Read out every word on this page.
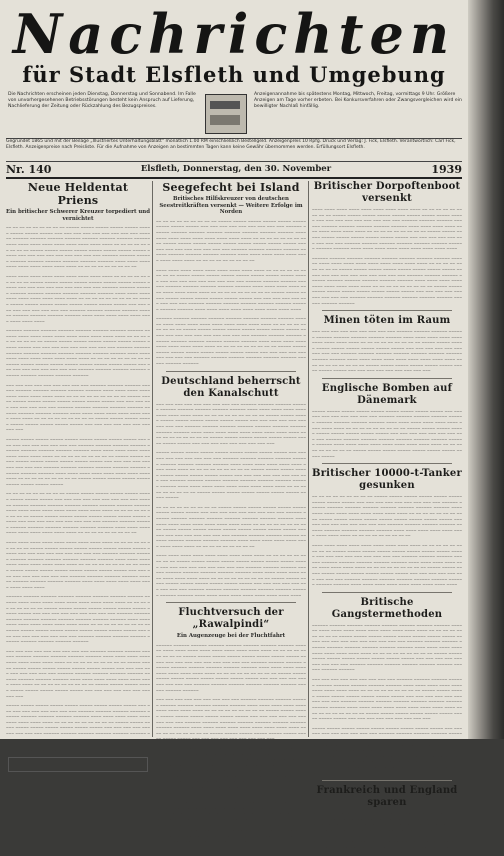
Nachrichten
für Stadt Elsfleth und Umgebung
Die Nachrichten erscheinen jeden Dienstag, Donnerstag und Sonnabend. Im Falle von unvorhergesehenen Betriebsstörungen besteht kein Anspruch auf Lieferung, Nachlieferung der Zeitung oder Rückzahlung des Bezugspreises.
Anzeigenannahme bis spätestens Montag, Mittwoch, Freitag, vormittags 9 Uhr. Größere Anzeigen am Tage vorher erbeten. Bei Konkursverfahren oder Zwangsvergleichen wird ein bewilligter Nachlaß hinfällig.
Gegründet 1865 und mit der Beilage „Illustriertes Unterhaltungsblatt“ monatlich 1.00 RM einschließlich Bestellgeld. Anzeigenpreis 10 Rpfg. Druck und Verlag: J. Fick, Elsfleth. Verantwortlich: Carl Fick, Elsfleth. Anzeigenpreise nach Preisliste. Für die Aufnahme von Anzeigen an bestimmten Tagen kann keine Gewähr übernommen werden. Erfüllungsort Elsfleth.
Nr. 140	Elsfleth, Donnerstag, den 30. November	1939
Neue Heldentat Priens
Ein britischer Schwerer Kreuzer torpediert und vernichtet
‒‒ ‒‒ ‒‒ ‒‒ ‒‒ ‒‒ ‒‒ ‒‒ ‒‒ ‒‒‒‒‒ ‒‒‒‒‒ ‒‒‒‒‒ ‒‒‒‒‒ ‒‒‒‒‒ ‒‒‒‒‒ ‒‒‒‒‒ ‒‒‒‒‒ ‒‒‒‒‒ ‒‒‒ ‒‒‒ ‒‒‒ ‒‒‒ ‒‒‒ ‒‒‒ ‒‒‒ ‒‒‒ ‒‒‒ ‒‒‒‒‒‒ ‒‒‒‒‒‒ ‒‒‒‒‒‒ ‒‒‒‒‒‒ ‒‒‒‒‒‒ ‒‒‒‒‒‒ ‒‒‒‒‒‒ ‒‒‒‒‒‒ ‒‒‒‒‒‒ ‒‒‒‒ ‒‒‒‒ ‒‒‒‒ ‒‒‒‒ ‒‒‒‒ ‒‒‒‒ ‒‒‒‒ ‒‒‒‒ ‒‒‒‒ ‒‒ ‒‒ ‒‒ ‒‒ ‒‒ ‒‒ ‒‒ ‒‒ ‒‒ ‒‒‒‒‒ ‒‒‒‒‒ ‒‒‒‒‒ ‒‒‒‒‒ ‒‒‒‒‒ ‒‒‒‒‒ ‒‒‒‒‒ ‒‒‒‒‒ ‒‒‒‒‒ ‒‒‒ ‒‒‒ ‒‒‒ ‒‒‒ ‒‒‒ ‒‒‒ ‒‒‒ ‒‒‒ ‒‒‒ ‒‒‒‒‒‒ ‒‒‒‒‒‒ ‒‒‒‒‒‒ ‒‒‒‒‒‒ ‒‒‒‒‒‒ ‒‒‒‒‒‒ ‒‒‒‒‒‒ ‒‒‒‒‒‒ ‒‒‒‒‒‒ ‒‒‒‒ ‒‒‒‒ ‒‒‒‒ ‒‒‒‒ ‒‒‒‒ ‒‒‒‒ ‒‒‒‒ ‒‒‒‒ ‒‒‒‒ ‒‒ ‒‒ ‒‒ ‒‒ ‒‒ ‒‒ ‒‒ ‒‒ ‒‒
‒‒‒‒ ‒‒‒‒ ‒‒‒‒ ‒‒‒‒ ‒‒‒‒ ‒‒‒‒ ‒‒‒‒ ‒‒‒‒ ‒‒‒‒ ‒‒ ‒‒ ‒‒ ‒‒ ‒‒ ‒‒ ‒‒ ‒‒ ‒‒ ‒‒‒‒‒ ‒‒‒‒‒ ‒‒‒‒‒ ‒‒‒‒‒ ‒‒‒‒‒ ‒‒‒‒‒ ‒‒‒‒‒ ‒‒‒‒‒ ‒‒‒‒‒ ‒‒‒ ‒‒‒ ‒‒‒ ‒‒‒ ‒‒‒ ‒‒‒ ‒‒‒ ‒‒‒ ‒‒‒ ‒‒‒‒‒‒ ‒‒‒‒‒‒ ‒‒‒‒‒‒ ‒‒‒‒‒‒ ‒‒‒‒‒‒ ‒‒‒‒‒‒ ‒‒‒‒‒‒ ‒‒‒‒‒‒ ‒‒‒‒‒‒ ‒‒‒‒ ‒‒‒‒ ‒‒‒‒ ‒‒‒‒ ‒‒‒‒ ‒‒‒‒ ‒‒‒‒ ‒‒‒‒ ‒‒‒‒ ‒‒ ‒‒ ‒‒ ‒‒ ‒‒ ‒‒ ‒‒ ‒‒ ‒‒ ‒‒‒‒‒ ‒‒‒‒‒ ‒‒‒‒‒ ‒‒‒‒‒ ‒‒‒‒‒ ‒‒‒‒‒ ‒‒‒‒‒ ‒‒‒‒‒ ‒‒‒‒‒ ‒‒‒ ‒‒‒ ‒‒‒ ‒‒‒ ‒‒‒ ‒‒‒ ‒‒‒ ‒‒‒ ‒‒‒ ‒‒‒‒‒‒ ‒‒‒‒‒‒ ‒‒‒‒‒‒ ‒‒‒‒‒‒ ‒‒‒‒‒‒ ‒‒‒‒‒‒ ‒‒‒‒‒‒ ‒‒‒‒‒‒ ‒‒‒‒‒‒ ‒‒‒‒ ‒‒‒‒ ‒‒‒‒ ‒‒‒‒ ‒‒‒‒ ‒‒‒‒ ‒‒‒‒ ‒‒‒‒ ‒‒‒‒
‒‒‒‒‒‒ ‒‒‒‒‒‒ ‒‒‒‒‒‒ ‒‒‒‒‒‒ ‒‒‒‒‒‒ ‒‒‒‒‒‒ ‒‒‒‒‒‒ ‒‒‒‒‒‒ ‒‒‒‒‒‒ ‒‒‒‒ ‒‒‒‒ ‒‒‒‒ ‒‒‒‒ ‒‒‒‒ ‒‒‒‒ ‒‒‒‒ ‒‒‒‒ ‒‒‒‒ ‒‒ ‒‒ ‒‒ ‒‒ ‒‒ ‒‒ ‒‒ ‒‒ ‒‒ ‒‒‒‒‒ ‒‒‒‒‒ ‒‒‒‒‒ ‒‒‒‒‒ ‒‒‒‒‒ ‒‒‒‒‒ ‒‒‒‒‒ ‒‒‒‒‒ ‒‒‒‒‒ ‒‒‒ ‒‒‒ ‒‒‒ ‒‒‒ ‒‒‒ ‒‒‒ ‒‒‒ ‒‒‒ ‒‒‒ ‒‒‒‒‒‒ ‒‒‒‒‒‒ ‒‒‒‒‒‒ ‒‒‒‒‒‒ ‒‒‒‒‒‒ ‒‒‒‒‒‒ ‒‒‒‒‒‒ ‒‒‒‒‒‒ ‒‒‒‒‒‒ ‒‒‒‒ ‒‒‒‒ ‒‒‒‒ ‒‒‒‒ ‒‒‒‒ ‒‒‒‒ ‒‒‒‒ ‒‒‒‒ ‒‒‒‒ ‒‒ ‒‒ ‒‒ ‒‒ ‒‒ ‒‒ ‒‒ ‒‒ ‒‒ ‒‒‒‒‒ ‒‒‒‒‒ ‒‒‒‒‒ ‒‒‒‒‒ ‒‒‒‒‒ ‒‒‒‒‒ ‒‒‒‒‒ ‒‒‒‒‒ ‒‒‒‒‒ ‒‒‒ ‒‒‒ ‒‒‒ ‒‒‒ ‒‒‒ ‒‒‒ ‒‒‒ ‒‒‒ ‒‒‒ ‒‒‒‒‒‒ ‒‒‒‒‒‒ ‒‒‒‒‒‒ ‒‒‒‒‒‒ ‒‒‒‒‒‒ ‒‒‒‒‒‒ ‒‒‒‒‒‒ ‒‒‒‒‒‒ ‒‒‒‒‒‒
‒‒‒ ‒‒‒ ‒‒‒ ‒‒‒ ‒‒‒ ‒‒‒ ‒‒‒ ‒‒‒ ‒‒‒ ‒‒‒‒‒‒ ‒‒‒‒‒‒ ‒‒‒‒‒‒ ‒‒‒‒‒‒ ‒‒‒‒‒‒ ‒‒‒‒‒‒ ‒‒‒‒‒‒ ‒‒‒‒‒‒ ‒‒‒‒‒‒ ‒‒‒‒ ‒‒‒‒ ‒‒‒‒ ‒‒‒‒ ‒‒‒‒ ‒‒‒‒ ‒‒‒‒ ‒‒‒‒ ‒‒‒‒ ‒‒ ‒‒ ‒‒ ‒‒ ‒‒ ‒‒ ‒‒ ‒‒ ‒‒ ‒‒‒‒‒ ‒‒‒‒‒ ‒‒‒‒‒ ‒‒‒‒‒ ‒‒‒‒‒ ‒‒‒‒‒ ‒‒‒‒‒ ‒‒‒‒‒ ‒‒‒‒‒ ‒‒‒ ‒‒‒ ‒‒‒ ‒‒‒ ‒‒‒ ‒‒‒ ‒‒‒ ‒‒‒ ‒‒‒ ‒‒‒‒‒‒ ‒‒‒‒‒‒ ‒‒‒‒‒‒ ‒‒‒‒‒‒ ‒‒‒‒‒‒ ‒‒‒‒‒‒ ‒‒‒‒‒‒ ‒‒‒‒‒‒ ‒‒‒‒‒‒ ‒‒‒‒ ‒‒‒‒ ‒‒‒‒ ‒‒‒‒ ‒‒‒‒ ‒‒‒‒ ‒‒‒‒ ‒‒‒‒ ‒‒‒‒ ‒‒ ‒‒ ‒‒ ‒‒ ‒‒ ‒‒ ‒‒ ‒‒ ‒‒ ‒‒‒‒‒ ‒‒‒‒‒ ‒‒‒‒‒ ‒‒‒‒‒ ‒‒‒‒‒ ‒‒‒‒‒ ‒‒‒‒‒ ‒‒‒‒‒ ‒‒‒‒‒ ‒‒‒ ‒‒‒ ‒‒‒ ‒‒‒ ‒‒‒ ‒‒‒ ‒‒‒ ‒‒‒ ‒‒‒
‒‒‒‒‒ ‒‒‒‒‒ ‒‒‒‒‒ ‒‒‒‒‒ ‒‒‒‒‒ ‒‒‒‒‒ ‒‒‒‒‒ ‒‒‒‒‒ ‒‒‒‒‒ ‒‒‒ ‒‒‒ ‒‒‒ ‒‒‒ ‒‒‒ ‒‒‒ ‒‒‒ ‒‒‒ ‒‒‒ ‒‒‒‒‒‒ ‒‒‒‒‒‒ ‒‒‒‒‒‒ ‒‒‒‒‒‒ ‒‒‒‒‒‒ ‒‒‒‒‒‒ ‒‒‒‒‒‒ ‒‒‒‒‒‒ ‒‒‒‒‒‒ ‒‒‒‒ ‒‒‒‒ ‒‒‒‒ ‒‒‒‒ ‒‒‒‒ ‒‒‒‒ ‒‒‒‒ ‒‒‒‒ ‒‒‒‒ ‒‒ ‒‒ ‒‒ ‒‒ ‒‒ ‒‒ ‒‒ ‒‒ ‒‒ ‒‒‒‒‒ ‒‒‒‒‒ ‒‒‒‒‒ ‒‒‒‒‒ ‒‒‒‒‒ ‒‒‒‒‒ ‒‒‒‒‒ ‒‒‒‒‒ ‒‒‒‒‒ ‒‒‒ ‒‒‒ ‒‒‒ ‒‒‒ ‒‒‒ ‒‒‒ ‒‒‒ ‒‒‒ ‒‒‒ ‒‒‒‒‒‒ ‒‒‒‒‒‒ ‒‒‒‒‒‒ ‒‒‒‒‒‒ ‒‒‒‒‒‒ ‒‒‒‒‒‒ ‒‒‒‒‒‒ ‒‒‒‒‒‒ ‒‒‒‒‒‒ ‒‒‒‒ ‒‒‒‒ ‒‒‒‒ ‒‒‒‒ ‒‒‒‒ ‒‒‒‒ ‒‒‒‒ ‒‒‒‒ ‒‒‒‒ ‒‒ ‒‒ ‒‒ ‒‒ ‒‒ ‒‒ ‒‒ ‒‒ ‒‒ ‒‒‒‒‒ ‒‒‒‒‒ ‒‒‒‒‒ ‒‒‒‒‒ ‒‒‒‒‒ ‒‒‒‒‒ ‒‒‒‒‒ ‒‒‒‒‒ ‒‒‒‒‒
‒‒ ‒‒ ‒‒ ‒‒ ‒‒ ‒‒ ‒‒ ‒‒ ‒‒ ‒‒‒‒‒ ‒‒‒‒‒ ‒‒‒‒‒ ‒‒‒‒‒ ‒‒‒‒‒ ‒‒‒‒‒ ‒‒‒‒‒ ‒‒‒‒‒ ‒‒‒‒‒ ‒‒‒ ‒‒‒ ‒‒‒ ‒‒‒ ‒‒‒ ‒‒‒ ‒‒‒ ‒‒‒ ‒‒‒ ‒‒‒‒‒‒ ‒‒‒‒‒‒ ‒‒‒‒‒‒ ‒‒‒‒‒‒ ‒‒‒‒‒‒ ‒‒‒‒‒‒ ‒‒‒‒‒‒ ‒‒‒‒‒‒ ‒‒‒‒‒‒ ‒‒‒‒ ‒‒‒‒ ‒‒‒‒ ‒‒‒‒ ‒‒‒‒ ‒‒‒‒ ‒‒‒‒ ‒‒‒‒ ‒‒‒‒ ‒‒ ‒‒ ‒‒ ‒‒ ‒‒ ‒‒ ‒‒ ‒‒ ‒‒ ‒‒‒‒‒ ‒‒‒‒‒ ‒‒‒‒‒ ‒‒‒‒‒ ‒‒‒‒‒ ‒‒‒‒‒ ‒‒‒‒‒ ‒‒‒‒‒ ‒‒‒‒‒ ‒‒‒ ‒‒‒ ‒‒‒ ‒‒‒ ‒‒‒ ‒‒‒ ‒‒‒ ‒‒‒ ‒‒‒ ‒‒‒‒‒‒ ‒‒‒‒‒‒ ‒‒‒‒‒‒ ‒‒‒‒‒‒ ‒‒‒‒‒‒ ‒‒‒‒‒‒ ‒‒‒‒‒‒ ‒‒‒‒‒‒ ‒‒‒‒‒‒ ‒‒‒‒ ‒‒‒‒ ‒‒‒‒ ‒‒‒‒ ‒‒‒‒ ‒‒‒‒ ‒‒‒‒ ‒‒‒‒ ‒‒‒‒ ‒‒ ‒‒ ‒‒ ‒‒ ‒‒ ‒‒ ‒‒ ‒‒ ‒‒
‒‒‒‒ ‒‒‒‒ ‒‒‒‒ ‒‒‒‒ ‒‒‒‒ ‒‒‒‒ ‒‒‒‒ ‒‒‒‒ ‒‒‒‒ ‒‒ ‒‒ ‒‒ ‒‒ ‒‒ ‒‒ ‒‒ ‒‒ ‒‒ ‒‒‒‒‒ ‒‒‒‒‒ ‒‒‒‒‒ ‒‒‒‒‒ ‒‒‒‒‒ ‒‒‒‒‒ ‒‒‒‒‒ ‒‒‒‒‒ ‒‒‒‒‒ ‒‒‒ ‒‒‒ ‒‒‒ ‒‒‒ ‒‒‒ ‒‒‒ ‒‒‒ ‒‒‒ ‒‒‒ ‒‒‒‒‒‒ ‒‒‒‒‒‒ ‒‒‒‒‒‒ ‒‒‒‒‒‒ ‒‒‒‒‒‒ ‒‒‒‒‒‒ ‒‒‒‒‒‒ ‒‒‒‒‒‒ ‒‒‒‒‒‒ ‒‒‒‒ ‒‒‒‒ ‒‒‒‒ ‒‒‒‒ ‒‒‒‒ ‒‒‒‒ ‒‒‒‒ ‒‒‒‒ ‒‒‒‒ ‒‒ ‒‒ ‒‒ ‒‒ ‒‒ ‒‒ ‒‒ ‒‒ ‒‒ ‒‒‒‒‒ ‒‒‒‒‒ ‒‒‒‒‒ ‒‒‒‒‒ ‒‒‒‒‒ ‒‒‒‒‒ ‒‒‒‒‒ ‒‒‒‒‒ ‒‒‒‒‒ ‒‒‒ ‒‒‒ ‒‒‒ ‒‒‒ ‒‒‒ ‒‒‒ ‒‒‒ ‒‒‒ ‒‒‒ ‒‒‒‒‒‒ ‒‒‒‒‒‒ ‒‒‒‒‒‒ ‒‒‒‒‒‒ ‒‒‒‒‒‒ ‒‒‒‒‒‒ ‒‒‒‒‒‒ ‒‒‒‒‒‒ ‒‒‒‒‒‒ ‒‒‒‒ ‒‒‒‒ ‒‒‒‒ ‒‒‒‒ ‒‒‒‒ ‒‒‒‒ ‒‒‒‒ ‒‒‒‒ ‒‒‒‒
‒‒‒‒‒‒ ‒‒‒‒‒‒ ‒‒‒‒‒‒ ‒‒‒‒‒‒ ‒‒‒‒‒‒ ‒‒‒‒‒‒ ‒‒‒‒‒‒ ‒‒‒‒‒‒ ‒‒‒‒‒‒ ‒‒‒‒ ‒‒‒‒ ‒‒‒‒ ‒‒‒‒ ‒‒‒‒ ‒‒‒‒ ‒‒‒‒ ‒‒‒‒ ‒‒‒‒ ‒‒ ‒‒ ‒‒ ‒‒ ‒‒ ‒‒ ‒‒ ‒‒ ‒‒ ‒‒‒‒‒ ‒‒‒‒‒ ‒‒‒‒‒ ‒‒‒‒‒ ‒‒‒‒‒ ‒‒‒‒‒ ‒‒‒‒‒ ‒‒‒‒‒ ‒‒‒‒‒ ‒‒‒ ‒‒‒ ‒‒‒ ‒‒‒ ‒‒‒ ‒‒‒ ‒‒‒ ‒‒‒ ‒‒‒ ‒‒‒‒‒‒ ‒‒‒‒‒‒ ‒‒‒‒‒‒ ‒‒‒‒‒‒ ‒‒‒‒‒‒ ‒‒‒‒‒‒ ‒‒‒‒‒‒ ‒‒‒‒‒‒ ‒‒‒‒‒‒ ‒‒‒‒ ‒‒‒‒ ‒‒‒‒ ‒‒‒‒ ‒‒‒‒ ‒‒‒‒ ‒‒‒‒ ‒‒‒‒ ‒‒‒‒ ‒‒ ‒‒ ‒‒ ‒‒ ‒‒ ‒‒ ‒‒ ‒‒ ‒‒ ‒‒‒‒‒ ‒‒‒‒‒ ‒‒‒‒‒ ‒‒‒‒‒ ‒‒‒‒‒ ‒‒‒‒‒ ‒‒‒‒‒ ‒‒‒‒‒ ‒‒‒‒‒ ‒‒‒ ‒‒‒ ‒‒‒ ‒‒‒ ‒‒‒ ‒‒‒ ‒‒‒ ‒‒‒ ‒‒‒ ‒‒‒‒‒‒ ‒‒‒‒‒‒ ‒‒‒‒‒‒ ‒‒‒‒‒‒ ‒‒‒‒‒‒ ‒‒‒‒‒‒ ‒‒‒‒‒‒ ‒‒‒‒‒‒ ‒‒‒‒‒‒
‒‒‒ ‒‒‒ ‒‒‒ ‒‒‒ ‒‒‒ ‒‒‒ ‒‒‒ ‒‒‒ ‒‒‒ ‒‒‒‒‒‒ ‒‒‒‒‒‒ ‒‒‒‒‒‒ ‒‒‒‒‒‒ ‒‒‒‒‒‒ ‒‒‒‒‒‒ ‒‒‒‒‒‒ ‒‒‒‒‒‒ ‒‒‒‒‒‒ ‒‒‒‒ ‒‒‒‒ ‒‒‒‒ ‒‒‒‒ ‒‒‒‒ ‒‒‒‒ ‒‒‒‒ ‒‒‒‒ ‒‒‒‒ ‒‒ ‒‒ ‒‒ ‒‒ ‒‒ ‒‒ ‒‒ ‒‒ ‒‒ ‒‒‒‒‒ ‒‒‒‒‒ ‒‒‒‒‒ ‒‒‒‒‒ ‒‒‒‒‒ ‒‒‒‒‒ ‒‒‒‒‒ ‒‒‒‒‒ ‒‒‒‒‒ ‒‒‒ ‒‒‒ ‒‒‒ ‒‒‒ ‒‒‒ ‒‒‒ ‒‒‒ ‒‒‒ ‒‒‒ ‒‒‒‒‒‒ ‒‒‒‒‒‒ ‒‒‒‒‒‒ ‒‒‒‒‒‒ ‒‒‒‒‒‒ ‒‒‒‒‒‒ ‒‒‒‒‒‒ ‒‒‒‒‒‒ ‒‒‒‒‒‒ ‒‒‒‒ ‒‒‒‒ ‒‒‒‒ ‒‒‒‒ ‒‒‒‒ ‒‒‒‒ ‒‒‒‒ ‒‒‒‒ ‒‒‒‒ ‒‒ ‒‒ ‒‒ ‒‒ ‒‒ ‒‒ ‒‒ ‒‒ ‒‒ ‒‒‒‒‒ ‒‒‒‒‒ ‒‒‒‒‒ ‒‒‒‒‒ ‒‒‒‒‒ ‒‒‒‒‒ ‒‒‒‒‒ ‒‒‒‒‒ ‒‒‒‒‒ ‒‒‒ ‒‒‒ ‒‒‒ ‒‒‒ ‒‒‒ ‒‒‒ ‒‒‒ ‒‒‒ ‒‒‒
‒‒‒‒‒ ‒‒‒‒‒ ‒‒‒‒‒ ‒‒‒‒‒ ‒‒‒‒‒ ‒‒‒‒‒ ‒‒‒‒‒ ‒‒‒‒‒ ‒‒‒‒‒ ‒‒‒ ‒‒‒ ‒‒‒ ‒‒‒ ‒‒‒ ‒‒‒ ‒‒‒ ‒‒‒ ‒‒‒ ‒‒‒‒‒‒ ‒‒‒‒‒‒ ‒‒‒‒‒‒ ‒‒‒‒‒‒ ‒‒‒‒‒‒ ‒‒‒‒‒‒ ‒‒‒‒‒‒ ‒‒‒‒‒‒ ‒‒‒‒‒‒ ‒‒‒‒ ‒‒‒‒ ‒‒‒‒ ‒‒‒‒ ‒‒‒‒ ‒‒‒‒ ‒‒‒‒ ‒‒‒‒ ‒‒‒‒ ‒‒ ‒‒ ‒‒ ‒‒ ‒‒ ‒‒ ‒‒ ‒‒ ‒‒ ‒‒‒‒‒ ‒‒‒‒‒ ‒‒‒‒‒ ‒‒‒‒‒ ‒‒‒‒‒ ‒‒‒‒‒ ‒‒‒‒‒ ‒‒‒‒‒ ‒‒‒‒‒ ‒‒‒ ‒‒‒ ‒‒‒ ‒‒‒ ‒‒‒ ‒‒‒ ‒‒‒ ‒‒‒ ‒‒‒ ‒‒‒‒‒‒ ‒‒‒‒‒‒ ‒‒‒‒‒‒ ‒‒‒‒‒‒ ‒‒‒‒‒‒ ‒‒‒‒‒‒ ‒‒‒‒‒‒ ‒‒‒‒‒‒ ‒‒‒‒‒‒ ‒‒‒‒ ‒‒‒‒ ‒‒‒‒ ‒‒‒‒ ‒‒‒‒ ‒‒‒‒ ‒‒‒‒ ‒‒‒‒ ‒‒‒‒ ‒‒ ‒‒ ‒‒ ‒‒ ‒‒ ‒‒ ‒‒ ‒‒ ‒‒ ‒‒‒‒‒ ‒‒‒‒‒ ‒‒‒‒‒ ‒‒‒‒‒ ‒‒‒‒‒ ‒‒‒‒‒ ‒‒‒‒‒ ‒‒‒‒‒ ‒‒‒‒‒

Seegefecht bei Island
Britisches Hilfskreuzer von deutschen Seestreitkräften versenkt — Weitere Erfolge im Norden
‒‒ ‒‒ ‒‒ ‒‒ ‒‒ ‒‒ ‒‒ ‒‒ ‒‒ ‒‒‒‒‒ ‒‒‒‒‒ ‒‒‒‒‒ ‒‒‒‒‒ ‒‒‒‒‒ ‒‒‒‒‒ ‒‒‒‒‒ ‒‒‒‒‒ ‒‒‒‒‒ ‒‒‒ ‒‒‒ ‒‒‒ ‒‒‒ ‒‒‒ ‒‒‒ ‒‒‒ ‒‒‒ ‒‒‒ ‒‒‒‒‒‒ ‒‒‒‒‒‒ ‒‒‒‒‒‒ ‒‒‒‒‒‒ ‒‒‒‒‒‒ ‒‒‒‒‒‒ ‒‒‒‒‒‒ ‒‒‒‒‒‒ ‒‒‒‒‒‒ ‒‒‒‒ ‒‒‒‒ ‒‒‒‒ ‒‒‒‒ ‒‒‒‒ ‒‒‒‒ ‒‒‒‒ ‒‒‒‒ ‒‒‒‒ ‒‒ ‒‒ ‒‒ ‒‒ ‒‒ ‒‒ ‒‒ ‒‒ ‒‒ ‒‒‒‒‒ ‒‒‒‒‒ ‒‒‒‒‒ ‒‒‒‒‒ ‒‒‒‒‒ ‒‒‒‒‒ ‒‒‒‒‒ ‒‒‒‒‒ ‒‒‒‒‒ ‒‒‒ ‒‒‒ ‒‒‒ ‒‒‒ ‒‒‒ ‒‒‒ ‒‒‒ ‒‒‒ ‒‒‒ ‒‒‒‒‒‒ ‒‒‒‒‒‒ ‒‒‒‒‒‒ ‒‒‒‒‒‒ ‒‒‒‒‒‒ ‒‒‒‒‒‒ ‒‒‒‒‒‒ ‒‒‒‒‒‒ ‒‒‒‒‒‒ ‒‒‒‒ ‒‒‒‒ ‒‒‒‒ ‒‒‒‒ ‒‒‒‒ ‒‒‒‒ ‒‒‒‒ ‒‒‒‒ ‒‒‒‒ ‒‒ ‒‒ ‒‒ ‒‒ ‒‒ ‒‒ ‒‒ ‒‒ ‒‒
‒‒‒‒ ‒‒‒‒ ‒‒‒‒ ‒‒‒‒ ‒‒‒‒ ‒‒‒‒ ‒‒‒‒ ‒‒‒‒ ‒‒‒‒ ‒‒ ‒‒ ‒‒ ‒‒ ‒‒ ‒‒ ‒‒ ‒‒ ‒‒ ‒‒‒‒‒ ‒‒‒‒‒ ‒‒‒‒‒ ‒‒‒‒‒ ‒‒‒‒‒ ‒‒‒‒‒ ‒‒‒‒‒ ‒‒‒‒‒ ‒‒‒‒‒ ‒‒‒ ‒‒‒ ‒‒‒ ‒‒‒ ‒‒‒ ‒‒‒ ‒‒‒ ‒‒‒ ‒‒‒ ‒‒‒‒‒‒ ‒‒‒‒‒‒ ‒‒‒‒‒‒ ‒‒‒‒‒‒ ‒‒‒‒‒‒ ‒‒‒‒‒‒ ‒‒‒‒‒‒ ‒‒‒‒‒‒ ‒‒‒‒‒‒ ‒‒‒‒ ‒‒‒‒ ‒‒‒‒ ‒‒‒‒ ‒‒‒‒ ‒‒‒‒ ‒‒‒‒ ‒‒‒‒ ‒‒‒‒ ‒‒ ‒‒ ‒‒ ‒‒ ‒‒ ‒‒ ‒‒ ‒‒ ‒‒ ‒‒‒‒‒ ‒‒‒‒‒ ‒‒‒‒‒ ‒‒‒‒‒ ‒‒‒‒‒ ‒‒‒‒‒ ‒‒‒‒‒ ‒‒‒‒‒ ‒‒‒‒‒ ‒‒‒ ‒‒‒ ‒‒‒ ‒‒‒ ‒‒‒ ‒‒‒ ‒‒‒ ‒‒‒ ‒‒‒ ‒‒‒‒‒‒ ‒‒‒‒‒‒ ‒‒‒‒‒‒ ‒‒‒‒‒‒ ‒‒‒‒‒‒ ‒‒‒‒‒‒ ‒‒‒‒‒‒ ‒‒‒‒‒‒ ‒‒‒‒‒‒ ‒‒‒‒ ‒‒‒‒ ‒‒‒‒ ‒‒‒‒ ‒‒‒‒ ‒‒‒‒ ‒‒‒‒ ‒‒‒‒ ‒‒‒‒
‒‒‒‒‒‒ ‒‒‒‒‒‒ ‒‒‒‒‒‒ ‒‒‒‒‒‒ ‒‒‒‒‒‒ ‒‒‒‒‒‒ ‒‒‒‒‒‒ ‒‒‒‒‒‒ ‒‒‒‒‒‒ ‒‒‒‒ ‒‒‒‒ ‒‒‒‒ ‒‒‒‒ ‒‒‒‒ ‒‒‒‒ ‒‒‒‒ ‒‒‒‒ ‒‒‒‒ ‒‒ ‒‒ ‒‒ ‒‒ ‒‒ ‒‒ ‒‒ ‒‒ ‒‒ ‒‒‒‒‒ ‒‒‒‒‒ ‒‒‒‒‒ ‒‒‒‒‒ ‒‒‒‒‒ ‒‒‒‒‒ ‒‒‒‒‒ ‒‒‒‒‒ ‒‒‒‒‒ ‒‒‒ ‒‒‒ ‒‒‒ ‒‒‒ ‒‒‒ ‒‒‒ ‒‒‒ ‒‒‒ ‒‒‒ ‒‒‒‒‒‒ ‒‒‒‒‒‒ ‒‒‒‒‒‒ ‒‒‒‒‒‒ ‒‒‒‒‒‒ ‒‒‒‒‒‒ ‒‒‒‒‒‒ ‒‒‒‒‒‒ ‒‒‒‒‒‒ ‒‒‒‒ ‒‒‒‒ ‒‒‒‒ ‒‒‒‒ ‒‒‒‒ ‒‒‒‒ ‒‒‒‒ ‒‒‒‒ ‒‒‒‒ ‒‒ ‒‒ ‒‒ ‒‒ ‒‒ ‒‒ ‒‒ ‒‒ ‒‒ ‒‒‒‒‒ ‒‒‒‒‒ ‒‒‒‒‒ ‒‒‒‒‒ ‒‒‒‒‒ ‒‒‒‒‒ ‒‒‒‒‒ ‒‒‒‒‒ ‒‒‒‒‒ ‒‒‒ ‒‒‒ ‒‒‒ ‒‒‒ ‒‒‒ ‒‒‒ ‒‒‒ ‒‒‒ ‒‒‒ ‒‒‒‒‒‒ ‒‒‒‒‒‒ ‒‒‒‒‒‒ ‒‒‒‒‒‒ ‒‒‒‒‒‒ ‒‒‒‒‒‒ ‒‒‒‒‒‒ ‒‒‒‒‒‒ ‒‒‒‒‒‒
Deutschland beherrscht den Kanalschutt
‒‒‒ ‒‒‒ ‒‒‒ ‒‒‒ ‒‒‒ ‒‒‒ ‒‒‒ ‒‒‒ ‒‒‒ ‒‒‒‒‒‒ ‒‒‒‒‒‒ ‒‒‒‒‒‒ ‒‒‒‒‒‒ ‒‒‒‒‒‒ ‒‒‒‒‒‒ ‒‒‒‒‒‒ ‒‒‒‒‒‒ ‒‒‒‒‒‒ ‒‒‒‒ ‒‒‒‒ ‒‒‒‒ ‒‒‒‒ ‒‒‒‒ ‒‒‒‒ ‒‒‒‒ ‒‒‒‒ ‒‒‒‒ ‒‒ ‒‒ ‒‒ ‒‒ ‒‒ ‒‒ ‒‒ ‒‒ ‒‒ ‒‒‒‒‒ ‒‒‒‒‒ ‒‒‒‒‒ ‒‒‒‒‒ ‒‒‒‒‒ ‒‒‒‒‒ ‒‒‒‒‒ ‒‒‒‒‒ ‒‒‒‒‒ ‒‒‒ ‒‒‒ ‒‒‒ ‒‒‒ ‒‒‒ ‒‒‒ ‒‒‒ ‒‒‒ ‒‒‒ ‒‒‒‒‒‒ ‒‒‒‒‒‒ ‒‒‒‒‒‒ ‒‒‒‒‒‒ ‒‒‒‒‒‒ ‒‒‒‒‒‒ ‒‒‒‒‒‒ ‒‒‒‒‒‒ ‒‒‒‒‒‒ ‒‒‒‒ ‒‒‒‒ ‒‒‒‒ ‒‒‒‒ ‒‒‒‒ ‒‒‒‒ ‒‒‒‒ ‒‒‒‒ ‒‒‒‒ ‒‒ ‒‒ ‒‒ ‒‒ ‒‒ ‒‒ ‒‒ ‒‒ ‒‒ ‒‒‒‒‒ ‒‒‒‒‒ ‒‒‒‒‒ ‒‒‒‒‒ ‒‒‒‒‒ ‒‒‒‒‒ ‒‒‒‒‒ ‒‒‒‒‒ ‒‒‒‒‒ ‒‒‒ ‒‒‒ ‒‒‒ ‒‒‒ ‒‒‒ ‒‒‒ ‒‒‒ ‒‒‒ ‒‒‒
‒‒‒‒‒ ‒‒‒‒‒ ‒‒‒‒‒ ‒‒‒‒‒ ‒‒‒‒‒ ‒‒‒‒‒ ‒‒‒‒‒ ‒‒‒‒‒ ‒‒‒‒‒ ‒‒‒ ‒‒‒ ‒‒‒ ‒‒‒ ‒‒‒ ‒‒‒ ‒‒‒ ‒‒‒ ‒‒‒ ‒‒‒‒‒‒ ‒‒‒‒‒‒ ‒‒‒‒‒‒ ‒‒‒‒‒‒ ‒‒‒‒‒‒ ‒‒‒‒‒‒ ‒‒‒‒‒‒ ‒‒‒‒‒‒ ‒‒‒‒‒‒ ‒‒‒‒ ‒‒‒‒ ‒‒‒‒ ‒‒‒‒ ‒‒‒‒ ‒‒‒‒ ‒‒‒‒ ‒‒‒‒ ‒‒‒‒ ‒‒ ‒‒ ‒‒ ‒‒ ‒‒ ‒‒ ‒‒ ‒‒ ‒‒ ‒‒‒‒‒ ‒‒‒‒‒ ‒‒‒‒‒ ‒‒‒‒‒ ‒‒‒‒‒ ‒‒‒‒‒ ‒‒‒‒‒ ‒‒‒‒‒ ‒‒‒‒‒ ‒‒‒ ‒‒‒ ‒‒‒ ‒‒‒ ‒‒‒ ‒‒‒ ‒‒‒ ‒‒‒ ‒‒‒ ‒‒‒‒‒‒ ‒‒‒‒‒‒ ‒‒‒‒‒‒ ‒‒‒‒‒‒ ‒‒‒‒‒‒ ‒‒‒‒‒‒ ‒‒‒‒‒‒ ‒‒‒‒‒‒ ‒‒‒‒‒‒ ‒‒‒‒ ‒‒‒‒ ‒‒‒‒ ‒‒‒‒ ‒‒‒‒ ‒‒‒‒ ‒‒‒‒ ‒‒‒‒ ‒‒‒‒ ‒‒ ‒‒ ‒‒ ‒‒ ‒‒ ‒‒ ‒‒ ‒‒ ‒‒ ‒‒‒‒‒ ‒‒‒‒‒ ‒‒‒‒‒ ‒‒‒‒‒ ‒‒‒‒‒ ‒‒‒‒‒ ‒‒‒‒‒ ‒‒‒‒‒ ‒‒‒‒‒
‒‒ ‒‒ ‒‒ ‒‒ ‒‒ ‒‒ ‒‒ ‒‒ ‒‒ ‒‒‒‒‒ ‒‒‒‒‒ ‒‒‒‒‒ ‒‒‒‒‒ ‒‒‒‒‒ ‒‒‒‒‒ ‒‒‒‒‒ ‒‒‒‒‒ ‒‒‒‒‒ ‒‒‒ ‒‒‒ ‒‒‒ ‒‒‒ ‒‒‒ ‒‒‒ ‒‒‒ ‒‒‒ ‒‒‒ ‒‒‒‒‒‒ ‒‒‒‒‒‒ ‒‒‒‒‒‒ ‒‒‒‒‒‒ ‒‒‒‒‒‒ ‒‒‒‒‒‒ ‒‒‒‒‒‒ ‒‒‒‒‒‒ ‒‒‒‒‒‒ ‒‒‒‒ ‒‒‒‒ ‒‒‒‒ ‒‒‒‒ ‒‒‒‒ ‒‒‒‒ ‒‒‒‒ ‒‒‒‒ ‒‒‒‒ ‒‒ ‒‒ ‒‒ ‒‒ ‒‒ ‒‒ ‒‒ ‒‒ ‒‒ ‒‒‒‒‒ ‒‒‒‒‒ ‒‒‒‒‒ ‒‒‒‒‒ ‒‒‒‒‒ ‒‒‒‒‒ ‒‒‒‒‒ ‒‒‒‒‒ ‒‒‒‒‒ ‒‒‒ ‒‒‒ ‒‒‒ ‒‒‒ ‒‒‒ ‒‒‒ ‒‒‒ ‒‒‒ ‒‒‒ ‒‒‒‒‒‒ ‒‒‒‒‒‒ ‒‒‒‒‒‒ ‒‒‒‒‒‒ ‒‒‒‒‒‒ ‒‒‒‒‒‒ ‒‒‒‒‒‒ ‒‒‒‒‒‒ ‒‒‒‒‒‒ ‒‒‒‒ ‒‒‒‒ ‒‒‒‒ ‒‒‒‒ ‒‒‒‒ ‒‒‒‒ ‒‒‒‒ ‒‒‒‒ ‒‒‒‒ ‒‒ ‒‒ ‒‒ ‒‒ ‒‒ ‒‒ ‒‒ ‒‒ ‒‒
‒‒‒‒ ‒‒‒‒ ‒‒‒‒ ‒‒‒‒ ‒‒‒‒ ‒‒‒‒ ‒‒‒‒ ‒‒‒‒ ‒‒‒‒ ‒‒ ‒‒ ‒‒ ‒‒ ‒‒ ‒‒ ‒‒ ‒‒ ‒‒ ‒‒‒‒‒ ‒‒‒‒‒ ‒‒‒‒‒ ‒‒‒‒‒ ‒‒‒‒‒ ‒‒‒‒‒ ‒‒‒‒‒ ‒‒‒‒‒ ‒‒‒‒‒ ‒‒‒ ‒‒‒ ‒‒‒ ‒‒‒ ‒‒‒ ‒‒‒ ‒‒‒ ‒‒‒ ‒‒‒ ‒‒‒‒‒‒ ‒‒‒‒‒‒ ‒‒‒‒‒‒ ‒‒‒‒‒‒ ‒‒‒‒‒‒ ‒‒‒‒‒‒ ‒‒‒‒‒‒ ‒‒‒‒‒‒ ‒‒‒‒‒‒ ‒‒‒‒ ‒‒‒‒ ‒‒‒‒ ‒‒‒‒ ‒‒‒‒ ‒‒‒‒ ‒‒‒‒ ‒‒‒‒ ‒‒‒‒ ‒‒ ‒‒ ‒‒ ‒‒ ‒‒ ‒‒ ‒‒ ‒‒ ‒‒ ‒‒‒‒‒ ‒‒‒‒‒ ‒‒‒‒‒ ‒‒‒‒‒ ‒‒‒‒‒ ‒‒‒‒‒ ‒‒‒‒‒ ‒‒‒‒‒ ‒‒‒‒‒ ‒‒‒ ‒‒‒ ‒‒‒ ‒‒‒ ‒‒‒ ‒‒‒ ‒‒‒ ‒‒‒ ‒‒‒ ‒‒‒‒‒‒ ‒‒‒‒‒‒ ‒‒‒‒‒‒ ‒‒‒‒‒‒ ‒‒‒‒‒‒ ‒‒‒‒‒‒ ‒‒‒‒‒‒ ‒‒‒‒‒‒ ‒‒‒‒‒‒ ‒‒‒‒ ‒‒‒‒ ‒‒‒‒ ‒‒‒‒ ‒‒‒‒ ‒‒‒‒ ‒‒‒‒ ‒‒‒‒ ‒‒‒‒
Fluchtversuch der „Rawalpindi“
Ein Augenzeuge bei der Fluchtfahrt
‒‒‒‒‒‒ ‒‒‒‒‒‒ ‒‒‒‒‒‒ ‒‒‒‒‒‒ ‒‒‒‒‒‒ ‒‒‒‒‒‒ ‒‒‒‒‒‒ ‒‒‒‒‒‒ ‒‒‒‒‒‒ ‒‒‒‒ ‒‒‒‒ ‒‒‒‒ ‒‒‒‒ ‒‒‒‒ ‒‒‒‒ ‒‒‒‒ ‒‒‒‒ ‒‒‒‒ ‒‒ ‒‒ ‒‒ ‒‒ ‒‒ ‒‒ ‒‒ ‒‒ ‒‒ ‒‒‒‒‒ ‒‒‒‒‒ ‒‒‒‒‒ ‒‒‒‒‒ ‒‒‒‒‒ ‒‒‒‒‒ ‒‒‒‒‒ ‒‒‒‒‒ ‒‒‒‒‒ ‒‒‒ ‒‒‒ ‒‒‒ ‒‒‒ ‒‒‒ ‒‒‒ ‒‒‒ ‒‒‒ ‒‒‒ ‒‒‒‒‒‒ ‒‒‒‒‒‒ ‒‒‒‒‒‒ ‒‒‒‒‒‒ ‒‒‒‒‒‒ ‒‒‒‒‒‒ ‒‒‒‒‒‒ ‒‒‒‒‒‒ ‒‒‒‒‒‒ ‒‒‒‒ ‒‒‒‒ ‒‒‒‒ ‒‒‒‒ ‒‒‒‒ ‒‒‒‒ ‒‒‒‒ ‒‒‒‒ ‒‒‒‒ ‒‒ ‒‒ ‒‒ ‒‒ ‒‒ ‒‒ ‒‒ ‒‒ ‒‒ ‒‒‒‒‒ ‒‒‒‒‒ ‒‒‒‒‒ ‒‒‒‒‒ ‒‒‒‒‒ ‒‒‒‒‒ ‒‒‒‒‒ ‒‒‒‒‒ ‒‒‒‒‒ ‒‒‒ ‒‒‒ ‒‒‒ ‒‒‒ ‒‒‒ ‒‒‒ ‒‒‒ ‒‒‒ ‒‒‒ ‒‒‒‒‒‒ ‒‒‒‒‒‒ ‒‒‒‒‒‒ ‒‒‒‒‒‒ ‒‒‒‒‒‒ ‒‒‒‒‒‒ ‒‒‒‒‒‒ ‒‒‒‒‒‒ ‒‒‒‒‒‒
‒‒‒ ‒‒‒ ‒‒‒ ‒‒‒ ‒‒‒ ‒‒‒ ‒‒‒ ‒‒‒ ‒‒‒ ‒‒‒‒‒‒ ‒‒‒‒‒‒ ‒‒‒‒‒‒ ‒‒‒‒‒‒ ‒‒‒‒‒‒ ‒‒‒‒‒‒ ‒‒‒‒‒‒ ‒‒‒‒‒‒ ‒‒‒‒‒‒ ‒‒‒‒ ‒‒‒‒ ‒‒‒‒ ‒‒‒‒ ‒‒‒‒ ‒‒‒‒ ‒‒‒‒ ‒‒‒‒ ‒‒‒‒ ‒‒ ‒‒ ‒‒ ‒‒ ‒‒ ‒‒ ‒‒ ‒‒ ‒‒ ‒‒‒‒‒ ‒‒‒‒‒ ‒‒‒‒‒ ‒‒‒‒‒ ‒‒‒‒‒ ‒‒‒‒‒ ‒‒‒‒‒ ‒‒‒‒‒ ‒‒‒‒‒ ‒‒‒ ‒‒‒ ‒‒‒ ‒‒‒ ‒‒‒ ‒‒‒ ‒‒‒ ‒‒‒ ‒‒‒ ‒‒‒‒‒‒ ‒‒‒‒‒‒ ‒‒‒‒‒‒ ‒‒‒‒‒‒ ‒‒‒‒‒‒ ‒‒‒‒‒‒ ‒‒‒‒‒‒ ‒‒‒‒‒‒ ‒‒‒‒‒‒ ‒‒‒‒ ‒‒‒‒ ‒‒‒‒ ‒‒‒‒ ‒‒‒‒ ‒‒‒‒ ‒‒‒‒ ‒‒‒‒ ‒‒‒‒ ‒‒ ‒‒ ‒‒ ‒‒ ‒‒ ‒‒ ‒‒ ‒‒ ‒‒ ‒‒‒‒‒ ‒‒‒‒‒ ‒‒‒‒‒ ‒‒‒‒‒ ‒‒‒‒‒ ‒‒‒‒‒ ‒‒‒‒‒ ‒‒‒‒‒ ‒‒‒‒‒ ‒‒‒ ‒‒‒ ‒‒‒ ‒‒‒ ‒‒‒ ‒‒‒ ‒‒‒ ‒‒‒ ‒‒‒
‒‒‒‒‒ ‒‒‒‒‒ ‒‒‒‒‒ ‒‒‒‒‒ ‒‒‒‒‒ ‒‒‒‒‒ ‒‒‒‒‒ ‒‒‒‒‒ ‒‒‒‒‒ ‒‒‒ ‒‒‒ ‒‒‒ ‒‒‒ ‒‒‒ ‒‒‒ ‒‒‒ ‒‒‒ ‒‒‒ ‒‒‒‒‒‒ ‒‒‒‒‒‒ ‒‒‒‒‒‒ ‒‒‒‒‒‒ ‒‒‒‒‒‒ ‒‒‒‒‒‒ ‒‒‒‒‒‒ ‒‒‒‒‒‒ ‒‒‒‒‒‒ ‒‒‒‒ ‒‒‒‒ ‒‒‒‒ ‒‒‒‒ ‒‒‒‒ ‒‒‒‒ ‒‒‒‒ ‒‒‒‒ ‒‒‒‒ ‒‒ ‒‒ ‒‒ ‒‒ ‒‒ ‒‒ ‒‒ ‒‒ ‒‒ ‒‒‒‒‒ ‒‒‒‒‒ ‒‒‒‒‒ ‒‒‒‒‒ ‒‒‒‒‒ ‒‒‒‒‒ ‒‒‒‒‒ ‒‒‒‒‒ ‒‒‒‒‒ ‒‒‒ ‒‒‒ ‒‒‒ ‒‒‒ ‒‒‒ ‒‒‒ ‒‒‒ ‒‒‒ ‒‒‒ ‒‒‒‒‒‒ ‒‒‒‒‒‒ ‒‒‒‒‒‒ ‒‒‒‒‒‒ ‒‒‒‒‒‒ ‒‒‒‒‒‒ ‒‒‒‒‒‒ ‒‒‒‒‒‒ ‒‒‒‒‒‒ ‒‒‒‒ ‒‒‒‒ ‒‒‒‒ ‒‒‒‒ ‒‒‒‒ ‒‒‒‒ ‒‒‒‒ ‒‒‒‒ ‒‒‒‒ ‒‒ ‒‒ ‒‒ ‒‒ ‒‒ ‒‒ ‒‒ ‒‒ ‒‒ ‒‒‒‒‒ ‒‒‒‒‒ ‒‒‒‒‒ ‒‒‒‒‒ ‒‒‒‒‒ ‒‒‒‒‒ ‒‒‒‒‒ ‒‒‒‒‒ ‒‒‒‒‒
‒‒ ‒‒ ‒‒ ‒‒ ‒‒ ‒‒ ‒‒ ‒‒ ‒‒ ‒‒‒‒‒ ‒‒‒‒‒ ‒‒‒‒‒ ‒‒‒‒‒ ‒‒‒‒‒ ‒‒‒‒‒ ‒‒‒‒‒ ‒‒‒‒‒ ‒‒‒‒‒ ‒‒‒ ‒‒‒ ‒‒‒ ‒‒‒ ‒‒‒ ‒‒‒ ‒‒‒ ‒‒‒ ‒‒‒ ‒‒‒‒‒‒ ‒‒‒‒‒‒ ‒‒‒‒‒‒ ‒‒‒‒‒‒ ‒‒‒‒‒‒ ‒‒‒‒‒‒ ‒‒‒‒‒‒ ‒‒‒‒‒‒ ‒‒‒‒‒‒ ‒‒‒‒ ‒‒‒‒ ‒‒‒‒ ‒‒‒‒ ‒‒‒‒ ‒‒‒‒ ‒‒‒‒ ‒‒‒‒ ‒‒‒‒ ‒‒ ‒‒ ‒‒ ‒‒ ‒‒ ‒‒ ‒‒ ‒‒ ‒‒ ‒‒‒‒‒ ‒‒‒‒‒ ‒‒‒‒‒ ‒‒‒‒‒ ‒‒‒‒‒ ‒‒‒‒‒ ‒‒‒‒‒ ‒‒‒‒‒ ‒‒‒‒‒ ‒‒‒ ‒‒‒ ‒‒‒ ‒‒‒ ‒‒‒ ‒‒‒ ‒‒‒ ‒‒‒ ‒‒‒ ‒‒‒‒‒‒ ‒‒‒‒‒‒ ‒‒‒‒‒‒ ‒‒‒‒‒‒ ‒‒‒‒‒‒ ‒‒‒‒‒‒ ‒‒‒‒‒‒ ‒‒‒‒‒‒ ‒‒‒‒‒‒ ‒‒‒‒ ‒‒‒‒ ‒‒‒‒ ‒‒‒‒ ‒‒‒‒ ‒‒‒‒ ‒‒‒‒ ‒‒‒‒ ‒‒‒‒ ‒‒ ‒‒ ‒‒ ‒‒ ‒‒ ‒‒ ‒‒ ‒‒ ‒‒
Britischer Dorpoftenboot versenkt
‒‒‒‒ ‒‒‒‒ ‒‒‒‒ ‒‒‒‒ ‒‒‒‒ ‒‒‒‒ ‒‒‒‒ ‒‒‒‒ ‒‒‒‒ ‒‒ ‒‒ ‒‒ ‒‒ ‒‒ ‒‒ ‒‒ ‒‒ ‒‒ ‒‒‒‒‒ ‒‒‒‒‒ ‒‒‒‒‒ ‒‒‒‒‒ ‒‒‒‒‒ ‒‒‒‒‒ ‒‒‒‒‒ ‒‒‒‒‒ ‒‒‒‒‒ ‒‒‒ ‒‒‒ ‒‒‒ ‒‒‒ ‒‒‒ ‒‒‒ ‒‒‒ ‒‒‒ ‒‒‒ ‒‒‒‒‒‒ ‒‒‒‒‒‒ ‒‒‒‒‒‒ ‒‒‒‒‒‒ ‒‒‒‒‒‒ ‒‒‒‒‒‒ ‒‒‒‒‒‒ ‒‒‒‒‒‒ ‒‒‒‒‒‒ ‒‒‒‒ ‒‒‒‒ ‒‒‒‒ ‒‒‒‒ ‒‒‒‒ ‒‒‒‒ ‒‒‒‒ ‒‒‒‒ ‒‒‒‒ ‒‒ ‒‒ ‒‒ ‒‒ ‒‒ ‒‒ ‒‒ ‒‒ ‒‒ ‒‒‒‒‒ ‒‒‒‒‒ ‒‒‒‒‒ ‒‒‒‒‒ ‒‒‒‒‒ ‒‒‒‒‒ ‒‒‒‒‒ ‒‒‒‒‒ ‒‒‒‒‒ ‒‒‒ ‒‒‒ ‒‒‒ ‒‒‒ ‒‒‒ ‒‒‒ ‒‒‒ ‒‒‒ ‒‒‒ ‒‒‒‒‒‒ ‒‒‒‒‒‒ ‒‒‒‒‒‒ ‒‒‒‒‒‒ ‒‒‒‒‒‒ ‒‒‒‒‒‒ ‒‒‒‒‒‒ ‒‒‒‒‒‒ ‒‒‒‒‒‒ ‒‒‒‒ ‒‒‒‒ ‒‒‒‒ ‒‒‒‒ ‒‒‒‒ ‒‒‒‒ ‒‒‒‒ ‒‒‒‒ ‒‒‒‒
‒‒‒‒‒‒ ‒‒‒‒‒‒ ‒‒‒‒‒‒ ‒‒‒‒‒‒ ‒‒‒‒‒‒ ‒‒‒‒‒‒ ‒‒‒‒‒‒ ‒‒‒‒‒‒ ‒‒‒‒‒‒ ‒‒‒‒ ‒‒‒‒ ‒‒‒‒ ‒‒‒‒ ‒‒‒‒ ‒‒‒‒ ‒‒‒‒ ‒‒‒‒ ‒‒‒‒ ‒‒ ‒‒ ‒‒ ‒‒ ‒‒ ‒‒ ‒‒ ‒‒ ‒‒ ‒‒‒‒‒ ‒‒‒‒‒ ‒‒‒‒‒ ‒‒‒‒‒ ‒‒‒‒‒ ‒‒‒‒‒ ‒‒‒‒‒ ‒‒‒‒‒ ‒‒‒‒‒ ‒‒‒ ‒‒‒ ‒‒‒ ‒‒‒ ‒‒‒ ‒‒‒ ‒‒‒ ‒‒‒ ‒‒‒ ‒‒‒‒‒‒ ‒‒‒‒‒‒ ‒‒‒‒‒‒ ‒‒‒‒‒‒ ‒‒‒‒‒‒ ‒‒‒‒‒‒ ‒‒‒‒‒‒ ‒‒‒‒‒‒ ‒‒‒‒‒‒ ‒‒‒‒ ‒‒‒‒ ‒‒‒‒ ‒‒‒‒ ‒‒‒‒ ‒‒‒‒ ‒‒‒‒ ‒‒‒‒ ‒‒‒‒ ‒‒ ‒‒ ‒‒ ‒‒ ‒‒ ‒‒ ‒‒ ‒‒ ‒‒ ‒‒‒‒‒ ‒‒‒‒‒ ‒‒‒‒‒ ‒‒‒‒‒ ‒‒‒‒‒ ‒‒‒‒‒ ‒‒‒‒‒ ‒‒‒‒‒ ‒‒‒‒‒ ‒‒‒ ‒‒‒ ‒‒‒ ‒‒‒ ‒‒‒ ‒‒‒ ‒‒‒ ‒‒‒ ‒‒‒ ‒‒‒‒‒‒ ‒‒‒‒‒‒ ‒‒‒‒‒‒ ‒‒‒‒‒‒ ‒‒‒‒‒‒ ‒‒‒‒‒‒ ‒‒‒‒‒‒ ‒‒‒‒‒‒ ‒‒‒‒‒‒
Minen töten im Raum
‒‒‒ ‒‒‒ ‒‒‒ ‒‒‒ ‒‒‒ ‒‒‒ ‒‒‒ ‒‒‒ ‒‒‒ ‒‒‒‒‒‒ ‒‒‒‒‒‒ ‒‒‒‒‒‒ ‒‒‒‒‒‒ ‒‒‒‒‒‒ ‒‒‒‒‒‒ ‒‒‒‒‒‒ ‒‒‒‒‒‒ ‒‒‒‒‒‒ ‒‒‒‒ ‒‒‒‒ ‒‒‒‒ ‒‒‒‒ ‒‒‒‒ ‒‒‒‒ ‒‒‒‒ ‒‒‒‒ ‒‒‒‒ ‒‒ ‒‒ ‒‒ ‒‒ ‒‒ ‒‒ ‒‒ ‒‒ ‒‒ ‒‒‒‒‒ ‒‒‒‒‒ ‒‒‒‒‒ ‒‒‒‒‒ ‒‒‒‒‒ ‒‒‒‒‒ ‒‒‒‒‒ ‒‒‒‒‒ ‒‒‒‒‒ ‒‒‒ ‒‒‒ ‒‒‒ ‒‒‒ ‒‒‒ ‒‒‒ ‒‒‒ ‒‒‒ ‒‒‒ ‒‒‒‒‒‒ ‒‒‒‒‒‒ ‒‒‒‒‒‒ ‒‒‒‒‒‒ ‒‒‒‒‒‒ ‒‒‒‒‒‒ ‒‒‒‒‒‒ ‒‒‒‒‒‒ ‒‒‒‒‒‒ ‒‒‒‒ ‒‒‒‒ ‒‒‒‒ ‒‒‒‒ ‒‒‒‒ ‒‒‒‒ ‒‒‒‒ ‒‒‒‒ ‒‒‒‒ ‒‒ ‒‒ ‒‒ ‒‒ ‒‒ ‒‒ ‒‒ ‒‒ ‒‒ ‒‒‒‒‒ ‒‒‒‒‒ ‒‒‒‒‒ ‒‒‒‒‒ ‒‒‒‒‒ ‒‒‒‒‒ ‒‒‒‒‒ ‒‒‒‒‒ ‒‒‒‒‒ ‒‒‒ ‒‒‒ ‒‒‒ ‒‒‒ ‒‒‒ ‒‒‒ ‒‒‒ ‒‒‒ ‒‒‒
Englische Bomben auf Dänemark
‒‒‒‒‒ ‒‒‒‒‒ ‒‒‒‒‒ ‒‒‒‒‒ ‒‒‒‒‒ ‒‒‒‒‒ ‒‒‒‒‒ ‒‒‒‒‒ ‒‒‒‒‒ ‒‒‒ ‒‒‒ ‒‒‒ ‒‒‒ ‒‒‒ ‒‒‒ ‒‒‒ ‒‒‒ ‒‒‒ ‒‒‒‒‒‒ ‒‒‒‒‒‒ ‒‒‒‒‒‒ ‒‒‒‒‒‒ ‒‒‒‒‒‒ ‒‒‒‒‒‒ ‒‒‒‒‒‒ ‒‒‒‒‒‒ ‒‒‒‒‒‒ ‒‒‒‒ ‒‒‒‒ ‒‒‒‒ ‒‒‒‒ ‒‒‒‒ ‒‒‒‒ ‒‒‒‒ ‒‒‒‒ ‒‒‒‒ ‒‒ ‒‒ ‒‒ ‒‒ ‒‒ ‒‒ ‒‒ ‒‒ ‒‒ ‒‒‒‒‒ ‒‒‒‒‒ ‒‒‒‒‒ ‒‒‒‒‒ ‒‒‒‒‒ ‒‒‒‒‒ ‒‒‒‒‒ ‒‒‒‒‒ ‒‒‒‒‒ ‒‒‒ ‒‒‒ ‒‒‒ ‒‒‒ ‒‒‒ ‒‒‒ ‒‒‒ ‒‒‒ ‒‒‒ ‒‒‒‒‒‒ ‒‒‒‒‒‒ ‒‒‒‒‒‒ ‒‒‒‒‒‒ ‒‒‒‒‒‒ ‒‒‒‒‒‒ ‒‒‒‒‒‒ ‒‒‒‒‒‒ ‒‒‒‒‒‒ ‒‒‒‒ ‒‒‒‒ ‒‒‒‒ ‒‒‒‒ ‒‒‒‒ ‒‒‒‒ ‒‒‒‒ ‒‒‒‒ ‒‒‒‒ ‒‒ ‒‒ ‒‒ ‒‒ ‒‒ ‒‒ ‒‒ ‒‒ ‒‒ ‒‒‒‒‒ ‒‒‒‒‒ ‒‒‒‒‒ ‒‒‒‒‒ ‒‒‒‒‒ ‒‒‒‒‒ ‒‒‒‒‒ ‒‒‒‒‒ ‒‒‒‒‒
Britischer 10000-t-Tanker gesunken
‒‒ ‒‒ ‒‒ ‒‒ ‒‒ ‒‒ ‒‒ ‒‒ ‒‒ ‒‒‒‒‒ ‒‒‒‒‒ ‒‒‒‒‒ ‒‒‒‒‒ ‒‒‒‒‒ ‒‒‒‒‒ ‒‒‒‒‒ ‒‒‒‒‒ ‒‒‒‒‒ ‒‒‒ ‒‒‒ ‒‒‒ ‒‒‒ ‒‒‒ ‒‒‒ ‒‒‒ ‒‒‒ ‒‒‒ ‒‒‒‒‒‒ ‒‒‒‒‒‒ ‒‒‒‒‒‒ ‒‒‒‒‒‒ ‒‒‒‒‒‒ ‒‒‒‒‒‒ ‒‒‒‒‒‒ ‒‒‒‒‒‒ ‒‒‒‒‒‒ ‒‒‒‒ ‒‒‒‒ ‒‒‒‒ ‒‒‒‒ ‒‒‒‒ ‒‒‒‒ ‒‒‒‒ ‒‒‒‒ ‒‒‒‒ ‒‒ ‒‒ ‒‒ ‒‒ ‒‒ ‒‒ ‒‒ ‒‒ ‒‒ ‒‒‒‒‒ ‒‒‒‒‒ ‒‒‒‒‒ ‒‒‒‒‒ ‒‒‒‒‒ ‒‒‒‒‒ ‒‒‒‒‒ ‒‒‒‒‒ ‒‒‒‒‒ ‒‒‒ ‒‒‒ ‒‒‒ ‒‒‒ ‒‒‒ ‒‒‒ ‒‒‒ ‒‒‒ ‒‒‒ ‒‒‒‒‒‒ ‒‒‒‒‒‒ ‒‒‒‒‒‒ ‒‒‒‒‒‒ ‒‒‒‒‒‒ ‒‒‒‒‒‒ ‒‒‒‒‒‒ ‒‒‒‒‒‒ ‒‒‒‒‒‒ ‒‒‒‒ ‒‒‒‒ ‒‒‒‒ ‒‒‒‒ ‒‒‒‒ ‒‒‒‒ ‒‒‒‒ ‒‒‒‒ ‒‒‒‒ ‒‒ ‒‒ ‒‒ ‒‒ ‒‒ ‒‒ ‒‒ ‒‒ ‒‒
‒‒‒‒ ‒‒‒‒ ‒‒‒‒ ‒‒‒‒ ‒‒‒‒ ‒‒‒‒ ‒‒‒‒ ‒‒‒‒ ‒‒‒‒ ‒‒ ‒‒ ‒‒ ‒‒ ‒‒ ‒‒ ‒‒ ‒‒ ‒‒ ‒‒‒‒‒ ‒‒‒‒‒ ‒‒‒‒‒ ‒‒‒‒‒ ‒‒‒‒‒ ‒‒‒‒‒ ‒‒‒‒‒ ‒‒‒‒‒ ‒‒‒‒‒ ‒‒‒ ‒‒‒ ‒‒‒ ‒‒‒ ‒‒‒ ‒‒‒ ‒‒‒ ‒‒‒ ‒‒‒ ‒‒‒‒‒‒ ‒‒‒‒‒‒ ‒‒‒‒‒‒ ‒‒‒‒‒‒ ‒‒‒‒‒‒ ‒‒‒‒‒‒ ‒‒‒‒‒‒ ‒‒‒‒‒‒ ‒‒‒‒‒‒ ‒‒‒‒ ‒‒‒‒ ‒‒‒‒ ‒‒‒‒ ‒‒‒‒ ‒‒‒‒ ‒‒‒‒ ‒‒‒‒ ‒‒‒‒ ‒‒ ‒‒ ‒‒ ‒‒ ‒‒ ‒‒ ‒‒ ‒‒ ‒‒ ‒‒‒‒‒ ‒‒‒‒‒ ‒‒‒‒‒ ‒‒‒‒‒ ‒‒‒‒‒ ‒‒‒‒‒ ‒‒‒‒‒ ‒‒‒‒‒ ‒‒‒‒‒ ‒‒‒ ‒‒‒ ‒‒‒ ‒‒‒ ‒‒‒ ‒‒‒ ‒‒‒ ‒‒‒ ‒‒‒ ‒‒‒‒‒‒ ‒‒‒‒‒‒ ‒‒‒‒‒‒ ‒‒‒‒‒‒ ‒‒‒‒‒‒ ‒‒‒‒‒‒ ‒‒‒‒‒‒ ‒‒‒‒‒‒ ‒‒‒‒‒‒ ‒‒‒‒ ‒‒‒‒ ‒‒‒‒ ‒‒‒‒ ‒‒‒‒ ‒‒‒‒ ‒‒‒‒ ‒‒‒‒ ‒‒‒‒
Britische Gangstermethoden
‒‒‒‒‒‒ ‒‒‒‒‒‒ ‒‒‒‒‒‒ ‒‒‒‒‒‒ ‒‒‒‒‒‒ ‒‒‒‒‒‒ ‒‒‒‒‒‒ ‒‒‒‒‒‒ ‒‒‒‒‒‒ ‒‒‒‒ ‒‒‒‒ ‒‒‒‒ ‒‒‒‒ ‒‒‒‒ ‒‒‒‒ ‒‒‒‒ ‒‒‒‒ ‒‒‒‒ ‒‒ ‒‒ ‒‒ ‒‒ ‒‒ ‒‒ ‒‒ ‒‒ ‒‒ ‒‒‒‒‒ ‒‒‒‒‒ ‒‒‒‒‒ ‒‒‒‒‒ ‒‒‒‒‒ ‒‒‒‒‒ ‒‒‒‒‒ ‒‒‒‒‒ ‒‒‒‒‒ ‒‒‒ ‒‒‒ ‒‒‒ ‒‒‒ ‒‒‒ ‒‒‒ ‒‒‒ ‒‒‒ ‒‒‒ ‒‒‒‒‒‒ ‒‒‒‒‒‒ ‒‒‒‒‒‒ ‒‒‒‒‒‒ ‒‒‒‒‒‒ ‒‒‒‒‒‒ ‒‒‒‒‒‒ ‒‒‒‒‒‒ ‒‒‒‒‒‒ ‒‒‒‒ ‒‒‒‒ ‒‒‒‒ ‒‒‒‒ ‒‒‒‒ ‒‒‒‒ ‒‒‒‒ ‒‒‒‒ ‒‒‒‒ ‒‒ ‒‒ ‒‒ ‒‒ ‒‒ ‒‒ ‒‒ ‒‒ ‒‒ ‒‒‒‒‒ ‒‒‒‒‒ ‒‒‒‒‒ ‒‒‒‒‒ ‒‒‒‒‒ ‒‒‒‒‒ ‒‒‒‒‒ ‒‒‒‒‒ ‒‒‒‒‒ ‒‒‒ ‒‒‒ ‒‒‒ ‒‒‒ ‒‒‒ ‒‒‒ ‒‒‒ ‒‒‒ ‒‒‒ ‒‒‒‒‒‒ ‒‒‒‒‒‒ ‒‒‒‒‒‒ ‒‒‒‒‒‒ ‒‒‒‒‒‒ ‒‒‒‒‒‒ ‒‒‒‒‒‒ ‒‒‒‒‒‒ ‒‒‒‒‒‒
‒‒‒ ‒‒‒ ‒‒‒ ‒‒‒ ‒‒‒ ‒‒‒ ‒‒‒ ‒‒‒ ‒‒‒ ‒‒‒‒‒‒ ‒‒‒‒‒‒ ‒‒‒‒‒‒ ‒‒‒‒‒‒ ‒‒‒‒‒‒ ‒‒‒‒‒‒ ‒‒‒‒‒‒ ‒‒‒‒‒‒ ‒‒‒‒‒‒ ‒‒‒‒ ‒‒‒‒ ‒‒‒‒ ‒‒‒‒ ‒‒‒‒ ‒‒‒‒ ‒‒‒‒ ‒‒‒‒ ‒‒‒‒ ‒‒ ‒‒ ‒‒ ‒‒ ‒‒ ‒‒ ‒‒ ‒‒ ‒‒ ‒‒‒‒‒ ‒‒‒‒‒ ‒‒‒‒‒ ‒‒‒‒‒ ‒‒‒‒‒ ‒‒‒‒‒ ‒‒‒‒‒ ‒‒‒‒‒ ‒‒‒‒‒ ‒‒‒ ‒‒‒ ‒‒‒ ‒‒‒ ‒‒‒ ‒‒‒ ‒‒‒ ‒‒‒ ‒‒‒ ‒‒‒‒‒‒ ‒‒‒‒‒‒ ‒‒‒‒‒‒ ‒‒‒‒‒‒ ‒‒‒‒‒‒ ‒‒‒‒‒‒ ‒‒‒‒‒‒ ‒‒‒‒‒‒ ‒‒‒‒‒‒ ‒‒‒‒ ‒‒‒‒ ‒‒‒‒ ‒‒‒‒ ‒‒‒‒ ‒‒‒‒ ‒‒‒‒ ‒‒‒‒ ‒‒‒‒ ‒‒ ‒‒ ‒‒ ‒‒ ‒‒ ‒‒ ‒‒ ‒‒ ‒‒ ‒‒‒‒‒ ‒‒‒‒‒ ‒‒‒‒‒ ‒‒‒‒‒ ‒‒‒‒‒ ‒‒‒‒‒ ‒‒‒‒‒ ‒‒‒‒‒ ‒‒‒‒‒ ‒‒‒ ‒‒‒ ‒‒‒ ‒‒‒ ‒‒‒ ‒‒‒ ‒‒‒ ‒‒‒ ‒‒‒
‒‒‒‒‒ ‒‒‒‒‒ ‒‒‒‒‒ ‒‒‒‒‒ ‒‒‒‒‒ ‒‒‒‒‒ ‒‒‒‒‒ ‒‒‒‒‒ ‒‒‒‒‒ ‒‒‒ ‒‒‒ ‒‒‒ ‒‒‒ ‒‒‒ ‒‒‒ ‒‒‒ ‒‒‒ ‒‒‒ ‒‒‒‒‒‒ ‒‒‒‒‒‒ ‒‒‒‒‒‒ ‒‒‒‒‒‒ ‒‒‒‒‒‒ ‒‒‒‒‒‒ ‒‒‒‒‒‒ ‒‒‒‒‒‒ ‒‒‒‒‒‒ ‒‒‒‒ ‒‒‒‒ ‒‒‒‒ ‒‒‒‒ ‒‒‒‒ ‒‒‒‒ ‒‒‒‒ ‒‒‒‒ ‒‒‒‒ ‒‒ ‒‒ ‒‒ ‒‒ ‒‒ ‒‒ ‒‒ ‒‒ ‒‒ ‒‒‒‒‒ ‒‒‒‒‒ ‒‒‒‒‒ ‒‒‒‒‒ ‒‒‒‒‒ ‒‒‒‒‒ ‒‒‒‒‒ ‒‒‒‒‒ ‒‒‒‒‒ ‒‒‒ ‒‒‒ ‒‒‒ ‒‒‒ ‒‒‒ ‒‒‒ ‒‒‒ ‒‒‒ ‒‒‒ ‒‒‒‒‒‒ ‒‒‒‒‒‒ ‒‒‒‒‒‒ ‒‒‒‒‒‒ ‒‒‒‒‒‒ ‒‒‒‒‒‒ ‒‒‒‒‒‒ ‒‒‒‒‒‒ ‒‒‒‒‒‒ ‒‒‒‒ ‒‒‒‒ ‒‒‒‒ ‒‒‒‒ ‒‒‒‒ ‒‒‒‒ ‒‒‒‒ ‒‒‒‒ ‒‒‒‒ ‒‒ ‒‒ ‒‒ ‒‒ ‒‒ ‒‒ ‒‒ ‒‒ ‒‒ ‒‒‒‒‒ ‒‒‒‒‒ ‒‒‒‒‒ ‒‒‒‒‒ ‒‒‒‒‒ ‒‒‒‒‒ ‒‒‒‒‒ ‒‒‒‒‒ ‒‒‒‒‒
Frankreich und England sparen
‒‒ ‒‒ ‒‒ ‒‒ ‒‒ ‒‒ ‒‒ ‒‒ ‒‒ ‒‒‒‒‒ ‒‒‒‒‒ ‒‒‒‒‒ ‒‒‒‒‒ ‒‒‒‒‒ ‒‒‒‒‒ ‒‒‒‒‒ ‒‒‒‒‒ ‒‒‒‒‒ ‒‒‒ ‒‒‒ ‒‒‒ ‒‒‒ ‒‒‒ ‒‒‒ ‒‒‒ ‒‒‒ ‒‒‒ ‒‒‒‒‒‒ ‒‒‒‒‒‒ ‒‒‒‒‒‒ ‒‒‒‒‒‒ ‒‒‒‒‒‒ ‒‒‒‒‒‒ ‒‒‒‒‒‒ ‒‒‒‒‒‒ ‒‒‒‒‒‒ ‒‒‒‒ ‒‒‒‒ ‒‒‒‒ ‒‒‒‒ ‒‒‒‒ ‒‒‒‒ ‒‒‒‒ ‒‒‒‒ ‒‒‒‒ ‒‒ ‒‒ ‒‒ ‒‒ ‒‒ ‒‒ ‒‒ ‒‒ ‒‒ ‒‒‒‒‒ ‒‒‒‒‒ ‒‒‒‒‒ ‒‒‒‒‒ ‒‒‒‒‒ ‒‒‒‒‒ ‒‒‒‒‒ ‒‒‒‒‒ ‒‒‒‒‒ ‒‒‒ ‒‒‒ ‒‒‒ ‒‒‒ ‒‒‒ ‒‒‒ ‒‒‒ ‒‒‒ ‒‒‒ ‒‒‒‒‒‒ ‒‒‒‒‒‒ ‒‒‒‒‒‒ ‒‒‒‒‒‒ ‒‒‒‒‒‒ ‒‒‒‒‒‒ ‒‒‒‒‒‒ ‒‒‒‒‒‒ ‒‒‒‒‒‒ ‒‒‒‒ ‒‒‒‒ ‒‒‒‒ ‒‒‒‒ ‒‒‒‒ ‒‒‒‒ ‒‒‒‒ ‒‒‒‒ ‒‒‒‒ ‒‒ ‒‒ ‒‒ ‒‒ ‒‒ ‒‒ ‒‒ ‒‒ ‒‒
